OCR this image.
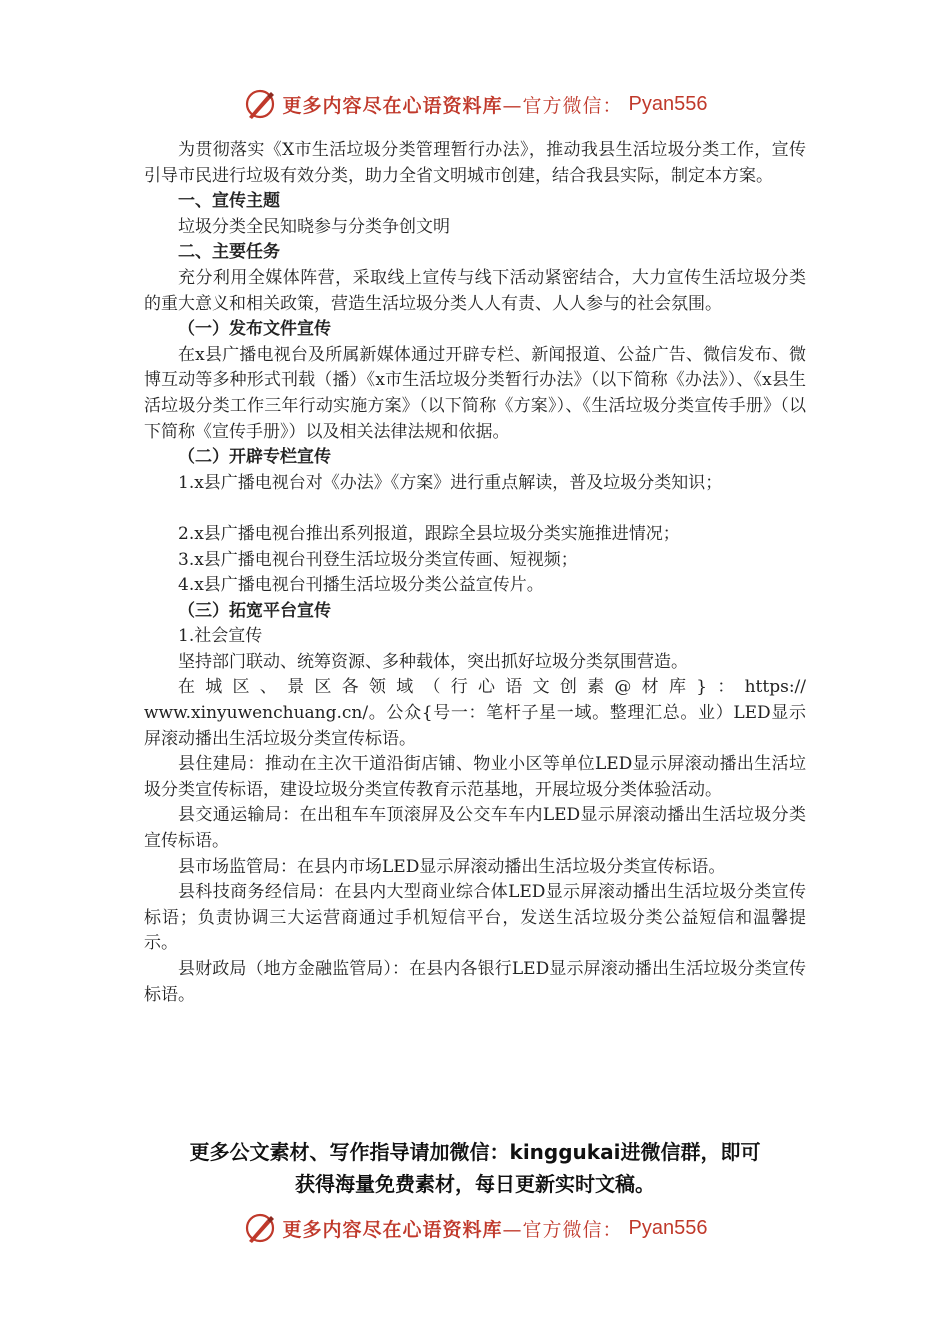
更多内容尽在心语资料库—官方微信： Pyan556

为贯彻落实《X市生活垃圾分类管理暂行办法》，推动我县生活垃圾分类工作，宣传引导市民进行垃圾有效分类，助力全省文明城市创建，结合我县实际，制定本方案。

一、宣传主题

垃圾分类全民知晓参与分类争创文明

二、主要任务

充分利用全媒体阵营，采取线上宣传与线下活动紧密结合，大力宣传生活垃圾分类的重大意义和相关政策，营造生活垃圾分类人人有责、人人参与的社会氛围。

（一）发布文件宣传

在x县广播电视台及所属新媒体通过开辟专栏、新闻报道、公益广告、微信发布、微博互动等多种形式刊载（播）《x市生活垃圾分类暂行办法》（以下简称《办法》）、《x县生活垃圾分类工作三年行动实施方案》（以下简称《方案》）、《生活垃圾分类宣传手册》（以下简称《宣传手册》）以及相关法律法规和依据。

（二）开辟专栏宣传

1.x县广播电视台对《办法》《方案》进行重点解读，普及垃圾分类知识；

2.x县广播电视台推出系列报道，跟踪全县垃圾分类实施推进情况；

3.x县广播电视台刊登生活垃圾分类宣传画、短视频；

4.x县广播电视台刊播生活垃圾分类公益宣传片。

（三）拓宽平台宣传

1.社会宣传

坚持部门联动、统筹资源、多种载体，突出抓好垃圾分类氛围营造。

在城区、景区各领域（行心语文创素@材库}：https://

www.xinyuwenchuang.cn/。公众{号一：笔杆子星一域。整理汇总。业）LED显示屏滚动播出生活垃圾分类宣传标语。

县住建局：推动在主次干道沿街店铺、物业小区等单位LED显示屏滚动播出生活垃圾分类宣传标语，建设垃圾分类宣传教育示范基地，开展垃圾分类体验活动。

县交通运输局：在出租车车顶滚屏及公交车车内LED显示屏滚动播出生活垃圾分类宣传标语。

县市场监管局：在县内市场LED显示屏滚动播出生活垃圾分类宣传标语。

县科技商务经信局：在县内大型商业综合体LED显示屏滚动播出生活垃圾分类宣传标语；负责协调三大运营商通过手机短信平台，发送生活垃圾分类公益短信和温馨提示。

县财政局（地方金融监管局）：在县内各银行LED显示屏滚动播出生活垃圾分类宣传标语。

更多公文素材、写作指导请加微信：kinggukai进微信群，即可
获得海量免费素材，每日更新实时文稿。
更多内容尽在心语资料库—官方微信： Pyan556
